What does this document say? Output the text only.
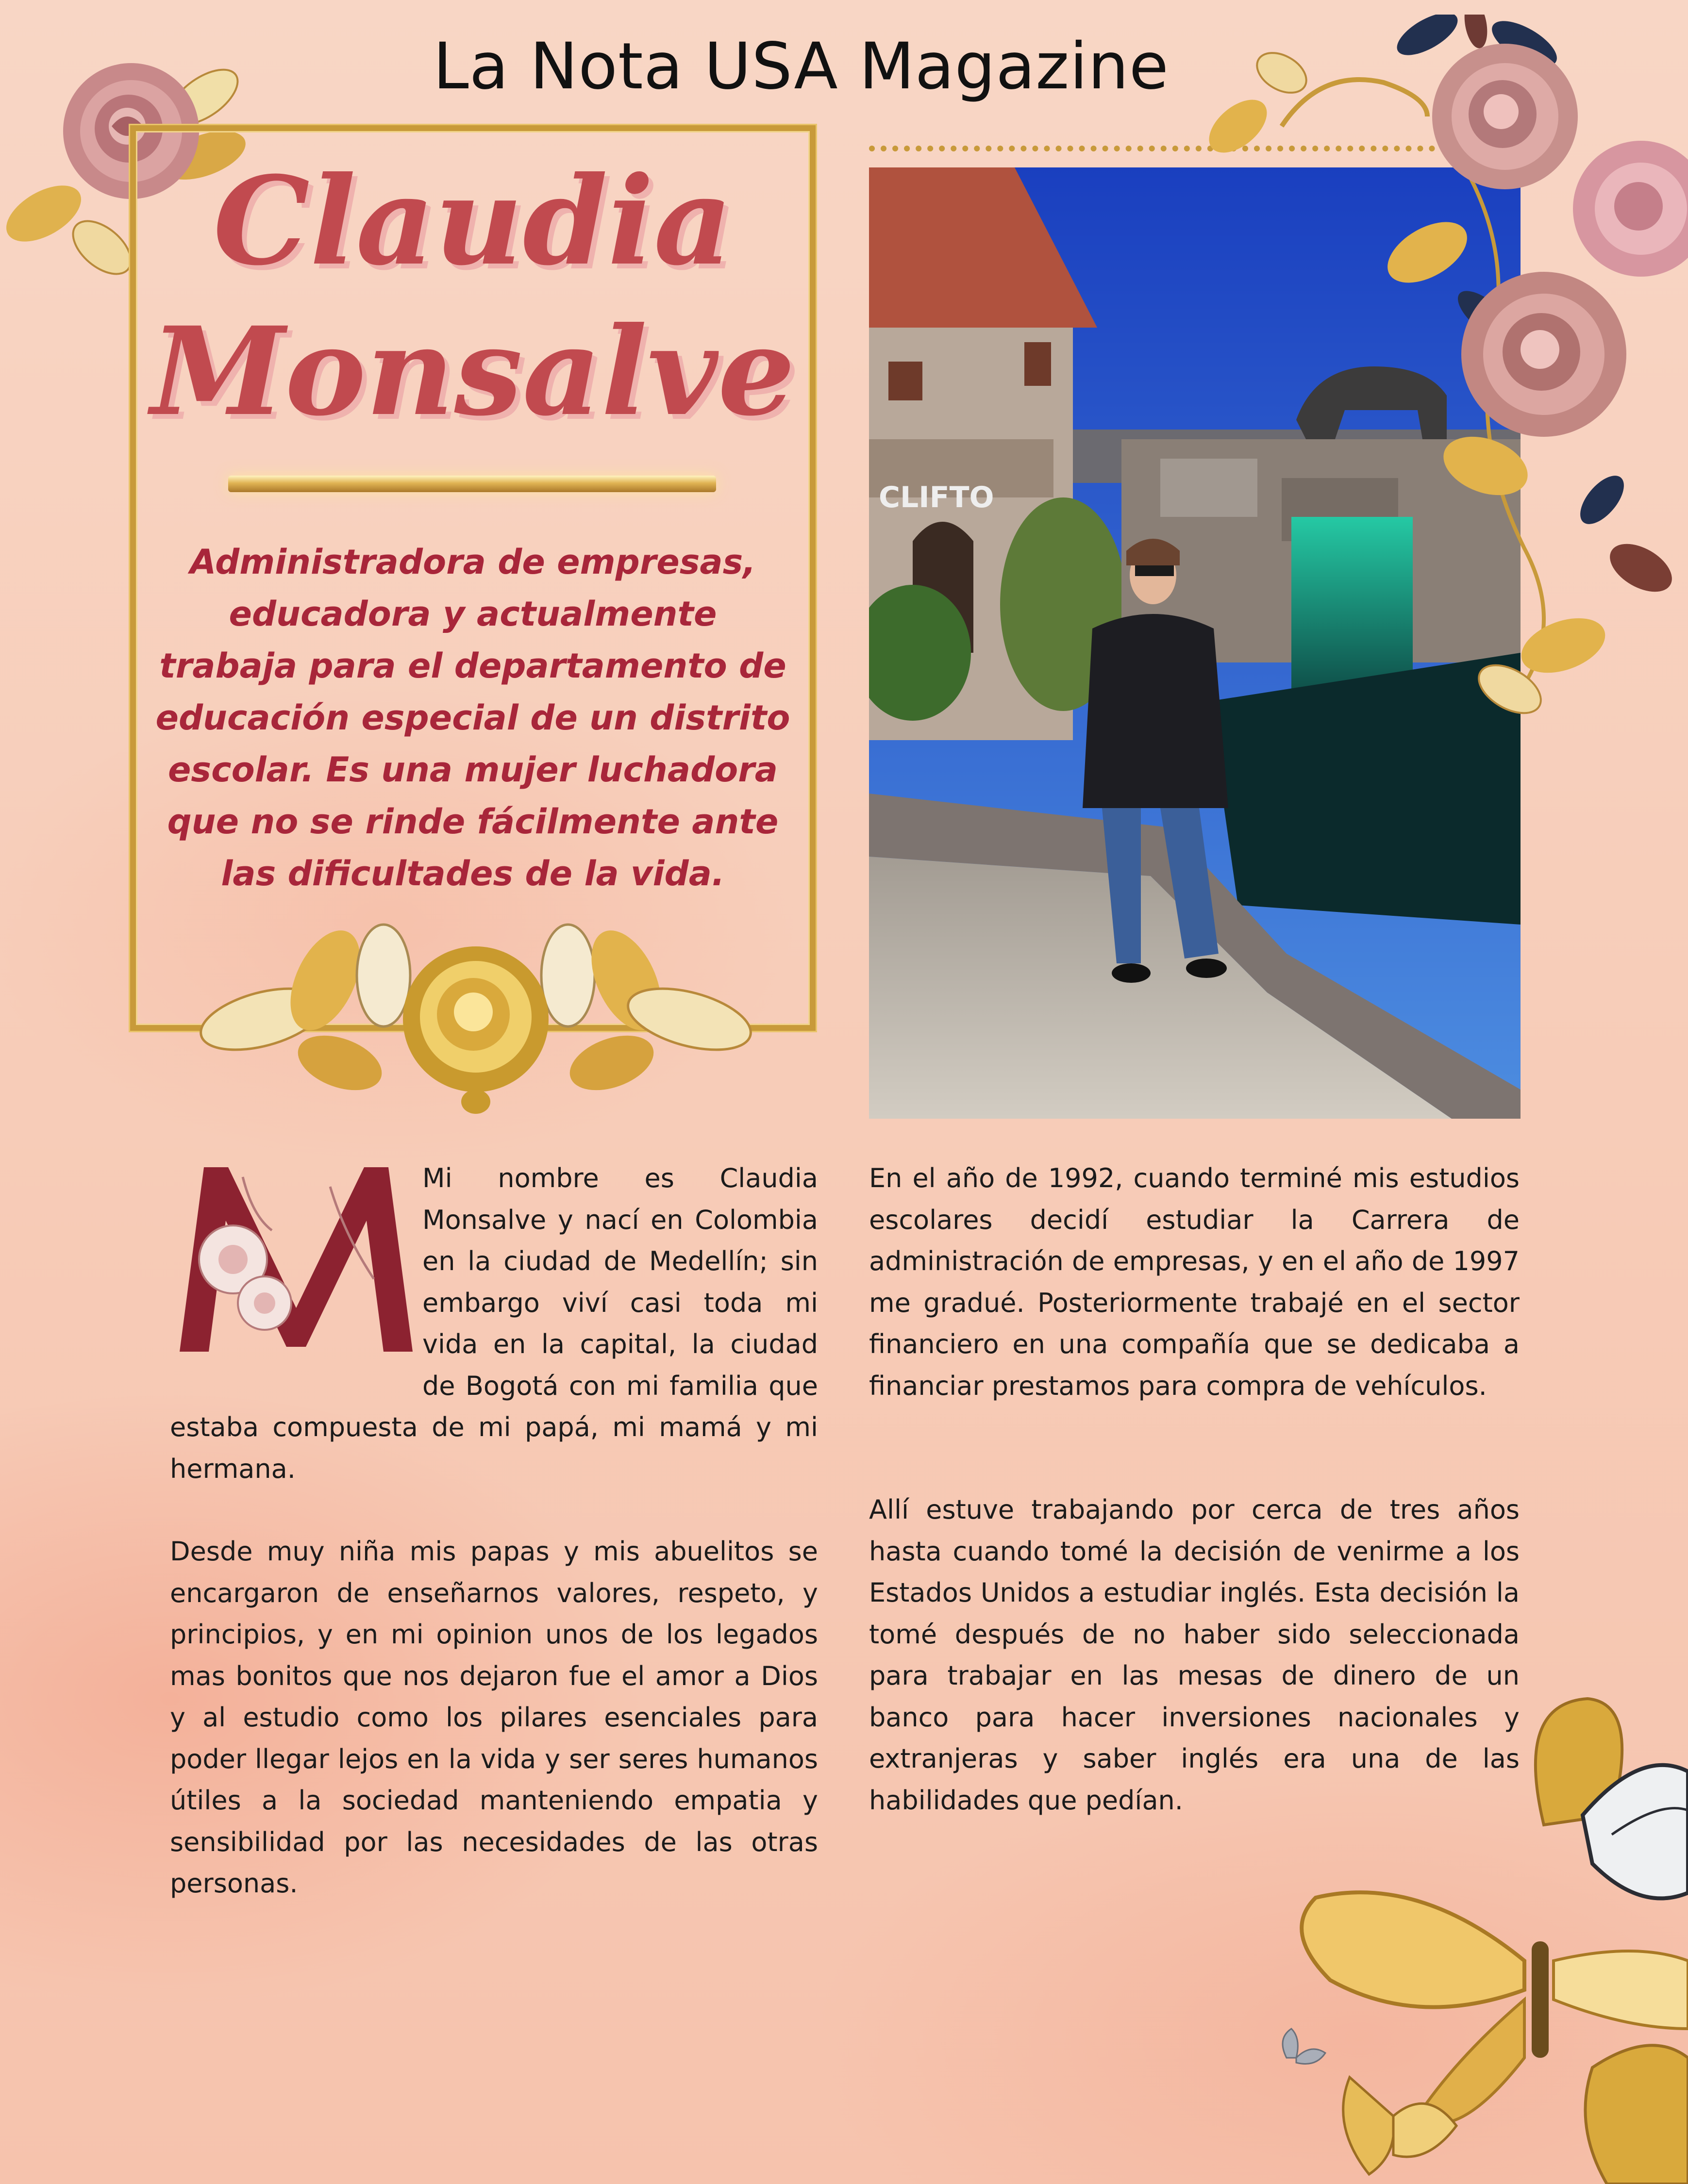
La Nota USA Magazine
Claudia
Monsalve
Administradora de empresas, educadora y actualmente trabaja para el departamento de educación especial de un distrito escolar. Es una mujer luchadora que no se rinde fácilmente ante las dificultades de la vida.
CLIFTO

Mi nombre es Claudia Monsalve y nací en Colombia en la ciudad de Medellín; sin embargo viví casi toda mi vida en la capital, la ciudad de Bogotá con mi familia que estaba compuesta de mi papá, mi mamá y mi hermana.

Desde muy niña mis papas y mis abuelitos se encargaron de enseñarnos valores, respeto, y principios, y en mi opinion unos de los legados mas bonitos que nos dejaron fue el amor a Dios y al estudio como los pilares esenciales para poder llegar lejos en la vida y ser seres humanos útiles a la sociedad manteniendo empatia y sensibilidad por las necesidades de las otras personas.

En el año de 1992, cuando terminé mis estudios escolares decidí estudiar la Carrera de administración de empresas, y en el año de 1997 me gradué. Posteriormente trabajé en el sector financiero en una compañía que se dedicaba a financiar prestamos para compra de vehículos.

Allí estuve trabajando por cerca de tres años hasta cuando tomé la decisión de venirme a los Estados Unidos a estudiar inglés. Esta decisión la tomé después de no haber sido seleccionada para trabajar en las mesas de dinero de un banco para hacer inversiones nacionales y extranjeras y saber inglés era una de las habilidades que pedían.
